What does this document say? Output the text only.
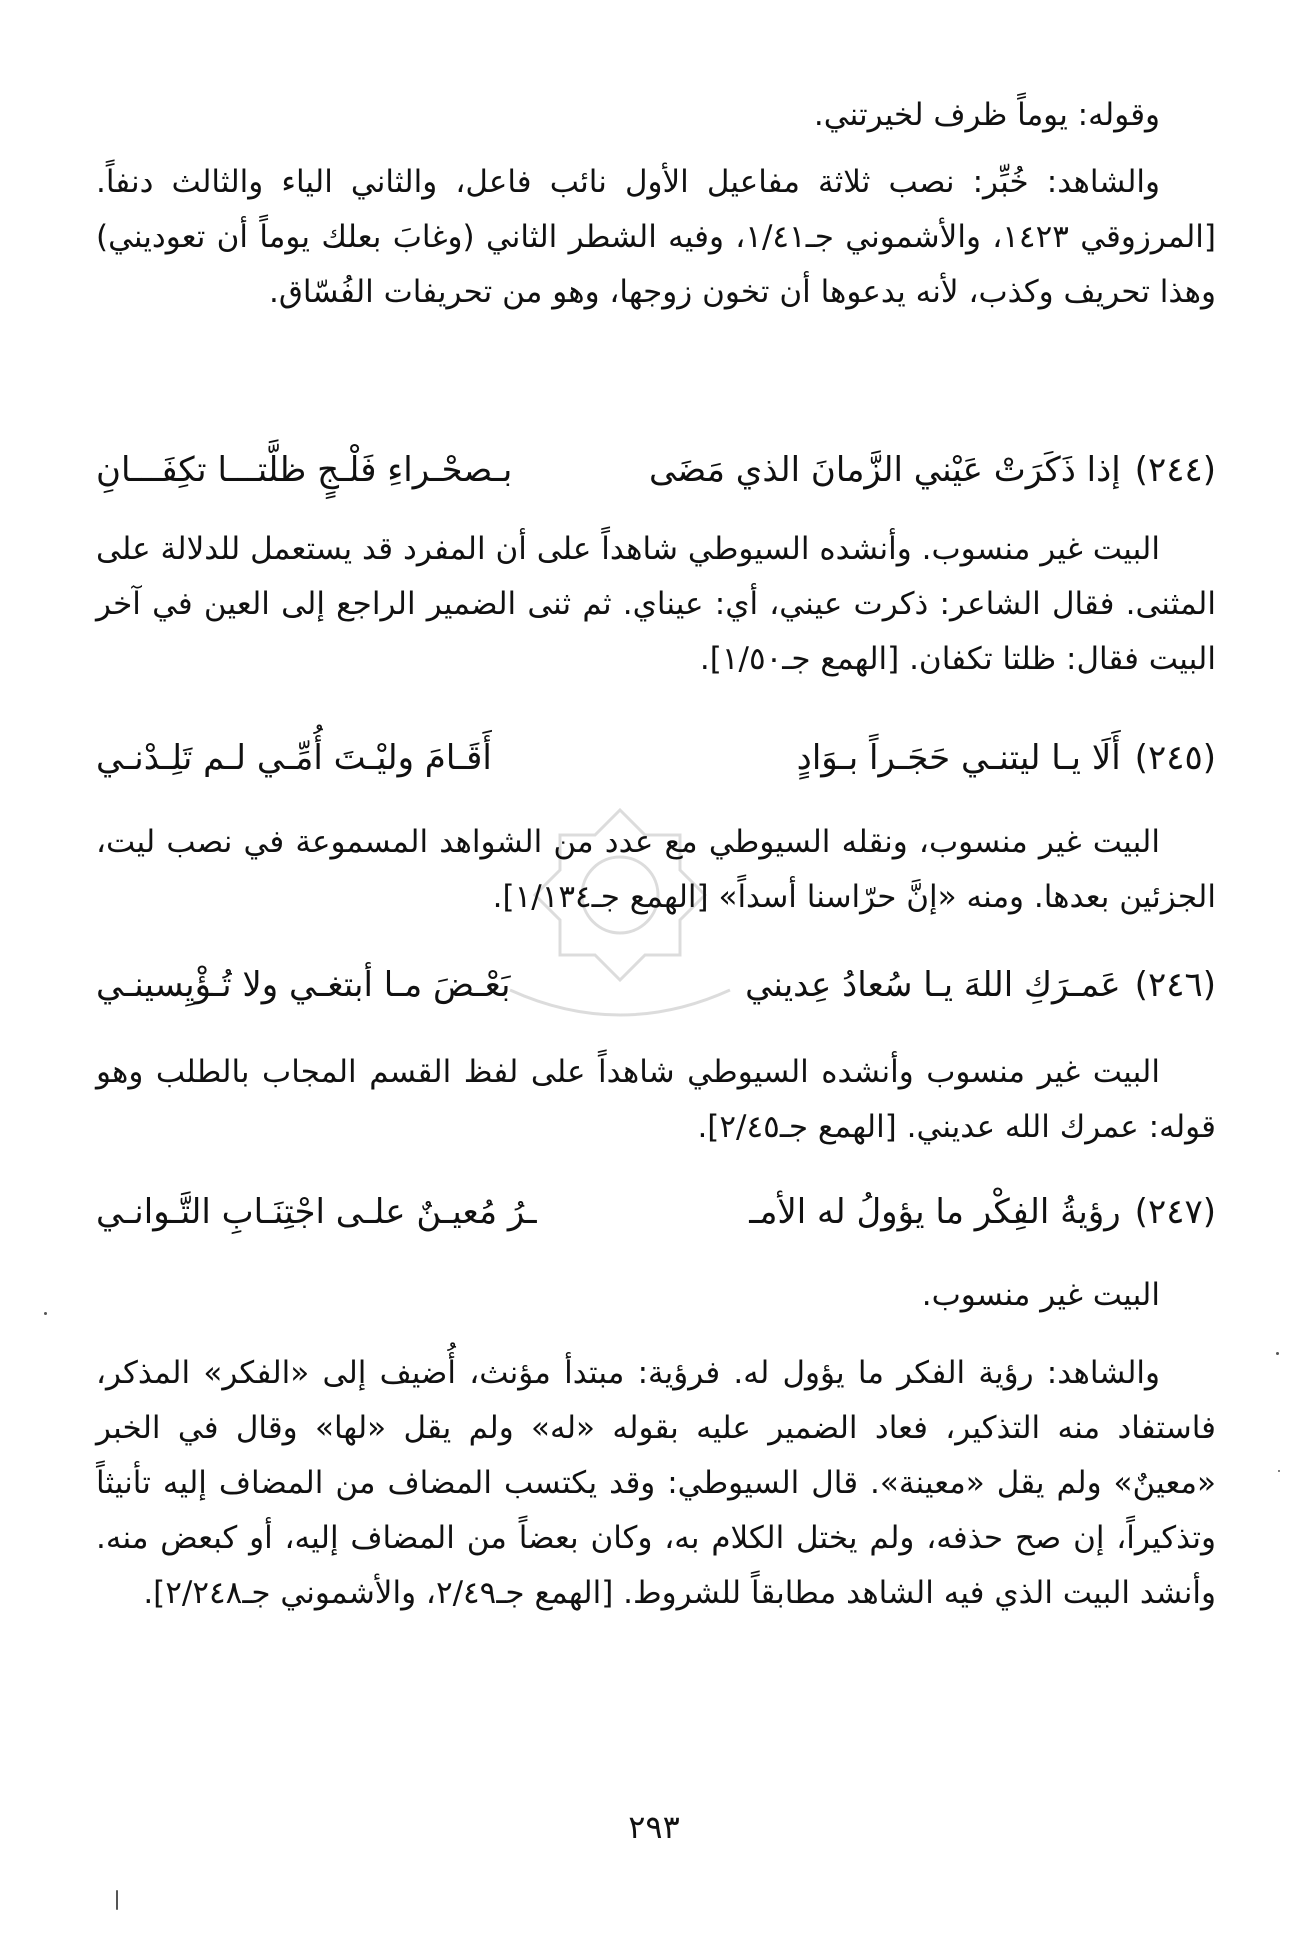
وقوله: يوماً ظرف لخيرتني.

والشاهد: خُبِّر: نصب ثلاثة مفاعيل الأول نائب فاعل، والثاني الياء والثالث دنفاً. [المرزوقي ١٤٢٣، والأشموني جـ١/٤١، وفيه الشطر الثاني (وغابَ بعلك يوماً أن تعوديني) وهذا تحريف وكذب، لأنه يدعوها أن تخون زوجها، وهو من تحريفات الفُسّاق.

(٢٤٤)
إذا ذَكَرَتْ عَيْني الزَّمانَ الذي مَضَى
بـصحْـراءِ فَلْـجٍ ظلَّتـــا تكِفَـــانِ

البيت غير منسوب. وأنشده السيوطي شاهداً على أن المفرد قد يستعمل للدلالة على المثنى. فقال الشاعر: ذكرت عيني، أي: عيناي. ثم ثنى الضمير الراجع إلى العين في آخر البيت فقال: ظلتا تكفان. [الهمع جـ١/٥٠].

(٢٤٥)
أَلَا يـا ليتنـي حَجَـراً بـوَادٍ
أَقَـامَ وليْـتَ أُمِّـي لـم تَلِـدْنـي

البيت غير منسوب، ونقله السيوطي مع عدد من الشواهد المسموعة في نصب ليت، الجزئين بعدها. ومنه «إنَّ حرّاسنا أسداً» [الهمع جـ١/١٣٤].

(٢٤٦)
عَمـرَكِ اللهَ يـا سُعادُ عِديني
بَعْـضَ مـا أبتغـي ولا تُـؤْيِسينـي

البيت غير منسوب وأنشده السيوطي شاهداً على لفظ القسم المجاب بالطلب وهو قوله: عمرك الله عديني. [الهمع جـ٢/٤٥].

(٢٤٧)
رؤيةُ الفِكْر ما يؤولُ له الأمـ
ـرُ مُعيـنٌ علـى اجْتِنَـابِ التَّـوانـي

البيت غير منسوب.

والشاهد: رؤية الفكر ما يؤول له. فرؤية: مبتدأ مؤنث، أُضيف إلى «الفكر» المذكر، فاستفاد منه التذكير، فعاد الضمير عليه بقوله «له» ولم يقل «لها» وقال في الخبر «معينٌ» ولم يقل «معينة». قال السيوطي: وقد يكتسب المضاف من المضاف إليه تأنيثاً وتذكيراً، إن صح حذفه، ولم يختل الكلام به، وكان بعضاً من المضاف إليه، أو كبعض منه. وأنشد البيت الذي فيه الشاهد مطابقاً للشروط. [الهمع جـ٢/٤٩، والأشموني جـ٢/٢٤٨].

٢٩٣
